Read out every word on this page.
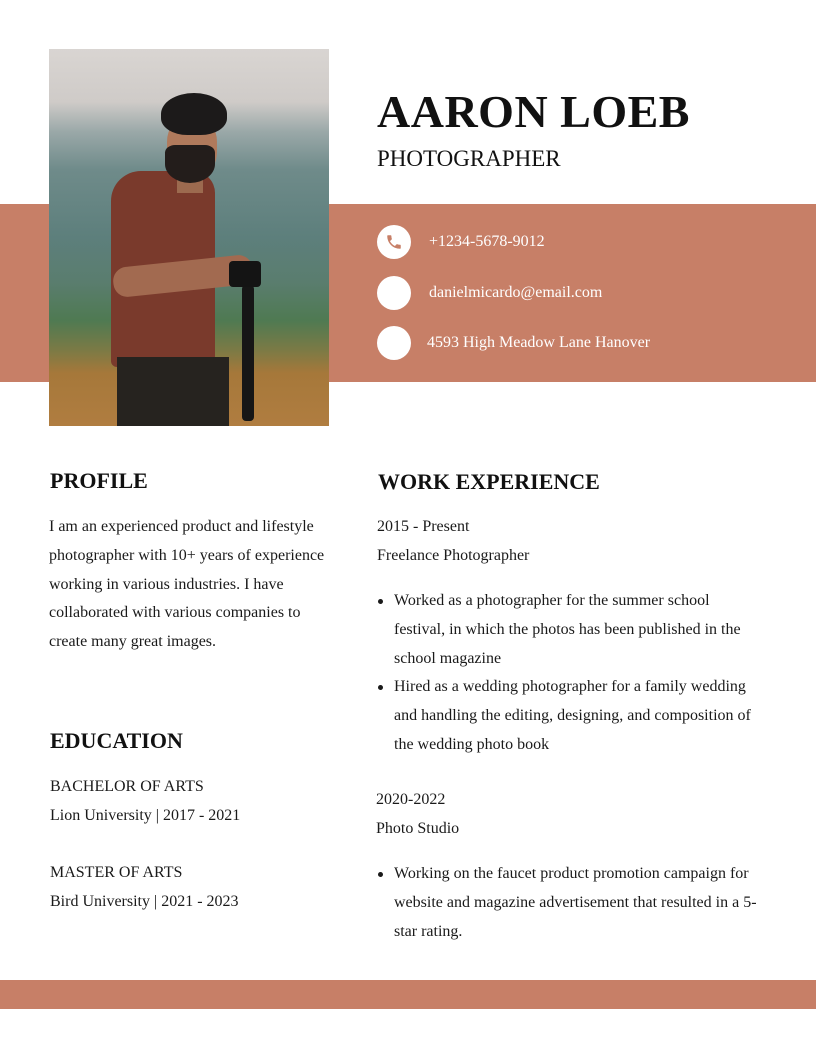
AARON LOEB
PHOTOGRAPHER
+1234-5678-9012
danielmicardo@email.com
4593 High Meadow Lane Hanover
PROFILE
I am an experienced product and lifestyle photographer with 10+ years of experience working in various industries. I have collaborated with various companies to create many great images.
EDUCATION
BACHELOR OF ARTS
Lion University | 2017 - 2021
MASTER OF ARTS
Bird University | 2021 - 2023
WORK EXPERIENCE
2015 - Present
Freelance Photographer
Worked as a photographer for the summer school festival, in which the photos has been published in the school magazine
Hired as a wedding photographer for a family wedding and handling the editing, designing, and composition of the wedding photo book
2020-2022
Photo Studio
Working on the faucet product promotion campaign for website and magazine advertisement that resulted in a 5-star rating.
